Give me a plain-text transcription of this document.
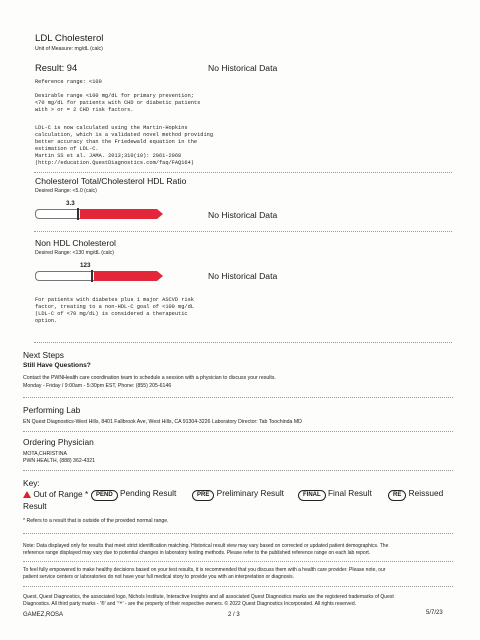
LDL Cholesterol
Unit of Measure: mg/dL (calc)
Result: 94	No Historical Data
Reference range: <100
Desirable range <100 mg/dL for primary prevention;
<70 mg/dL for patients with CHD or diabetic patients
with > or = 2 CHD risk factors.
LDL-C is now calculated using the Martin-Hopkins
calculation, which is a validated novel method providing
better accuracy than the Friedewald equation in the
estimation of LDL-C.
Martin SS et al. JAMA. 2013;310(19): 2061-2068
(http://education.QuestDiagnostics.com/faq/FAQ164)
Cholesterol Total/Cholesterol HDL Ratio
Desired Range: <5.0 (calc)
3.3
No Historical Data
Non HDL Cholesterol
Desired Range: <130 mg/dL (calc)
123
No Historical Data
For patients with diabetes plus 1 major ASCVD risk
factor, treating to a non-HDL-C goal of <100 mg/dL
(LDL-C of <70 mg/dL) is considered a therapeutic
option.
Next Steps
Still Have Questions?
Contact the PWNHealth care coordination team to schedule a session with a physician to discuss your results.
Monday - Friday / 9:00am - 5:30pm EST, Phone: (855) 205-6146
Performing Lab
EN Quest Diagnostics-West Hills, 8401 Fallbrook Ave, West Hills, CA 91304-3226 Laboratory Director: Tab Toochinda MD
Ordering Physician
MOTA,CHRISTINA
PWN HEALTH, (888) 362-4321
Key:
Out of Range *	PEND Pending Result	PRE Preliminary Result	FINAL Final Result	RE Reissued
Result
* Refers to a result that is outside of the provided normal range.
Note: Data displayed only for results that meet strict identification matching. Historical result view may vary based on corrected or updated patient demographics. The
reference range displayed may vary due to potential changes in laboratory testing methods. Please refer to the published reference range on each lab report.
To feel fully empowered to make healthy decisions based on your test results, it is recommended that you discuss them with a health care provider. Please note, our
patient service centers or laboratories do not have your full medical story to provide you with an interpretation or diagnosis.
Quest, Quest Diagnostics, the associated logo, Nichols Institute, Interactive Insights and all associated Quest Diagnostics marks are the registered trademarks of Quest
Diagnostics. All third party marks - '®' and '™' - are the property of their respective owners. © 2022 Quest Diagnostics Incorporated. All rights reserved.
GAMEZ,ROSA	2 / 3	5/7/23
